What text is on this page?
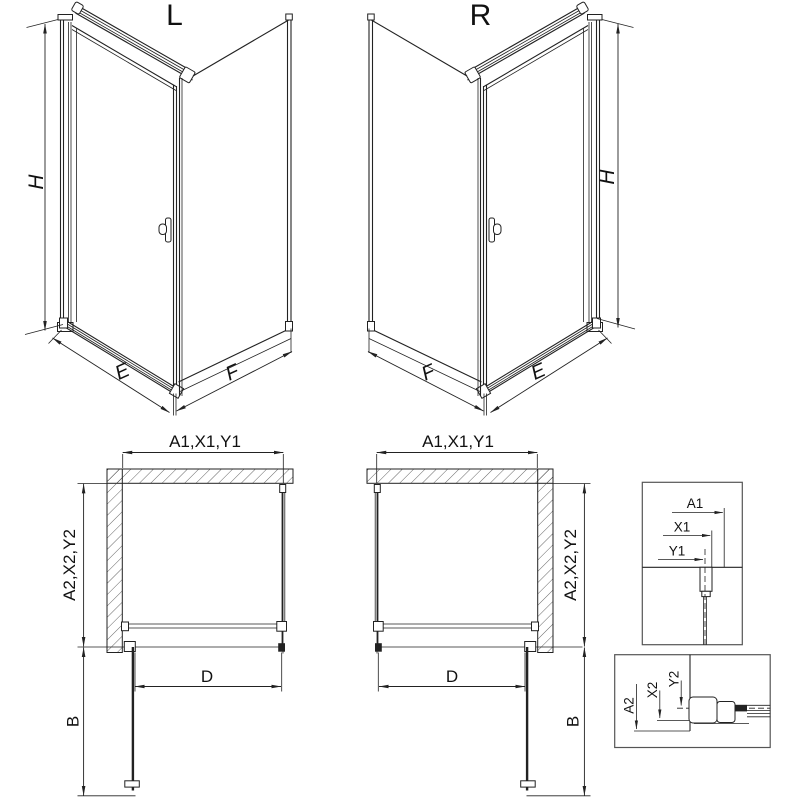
L
H
E	F
R
H
E
F
A1,X1,Y1
D
A2,X2,Y2
B
A1,X1,Y1
D
A2,X2,Y2
B
A1
X1
Y1
A2
X2
Y2
